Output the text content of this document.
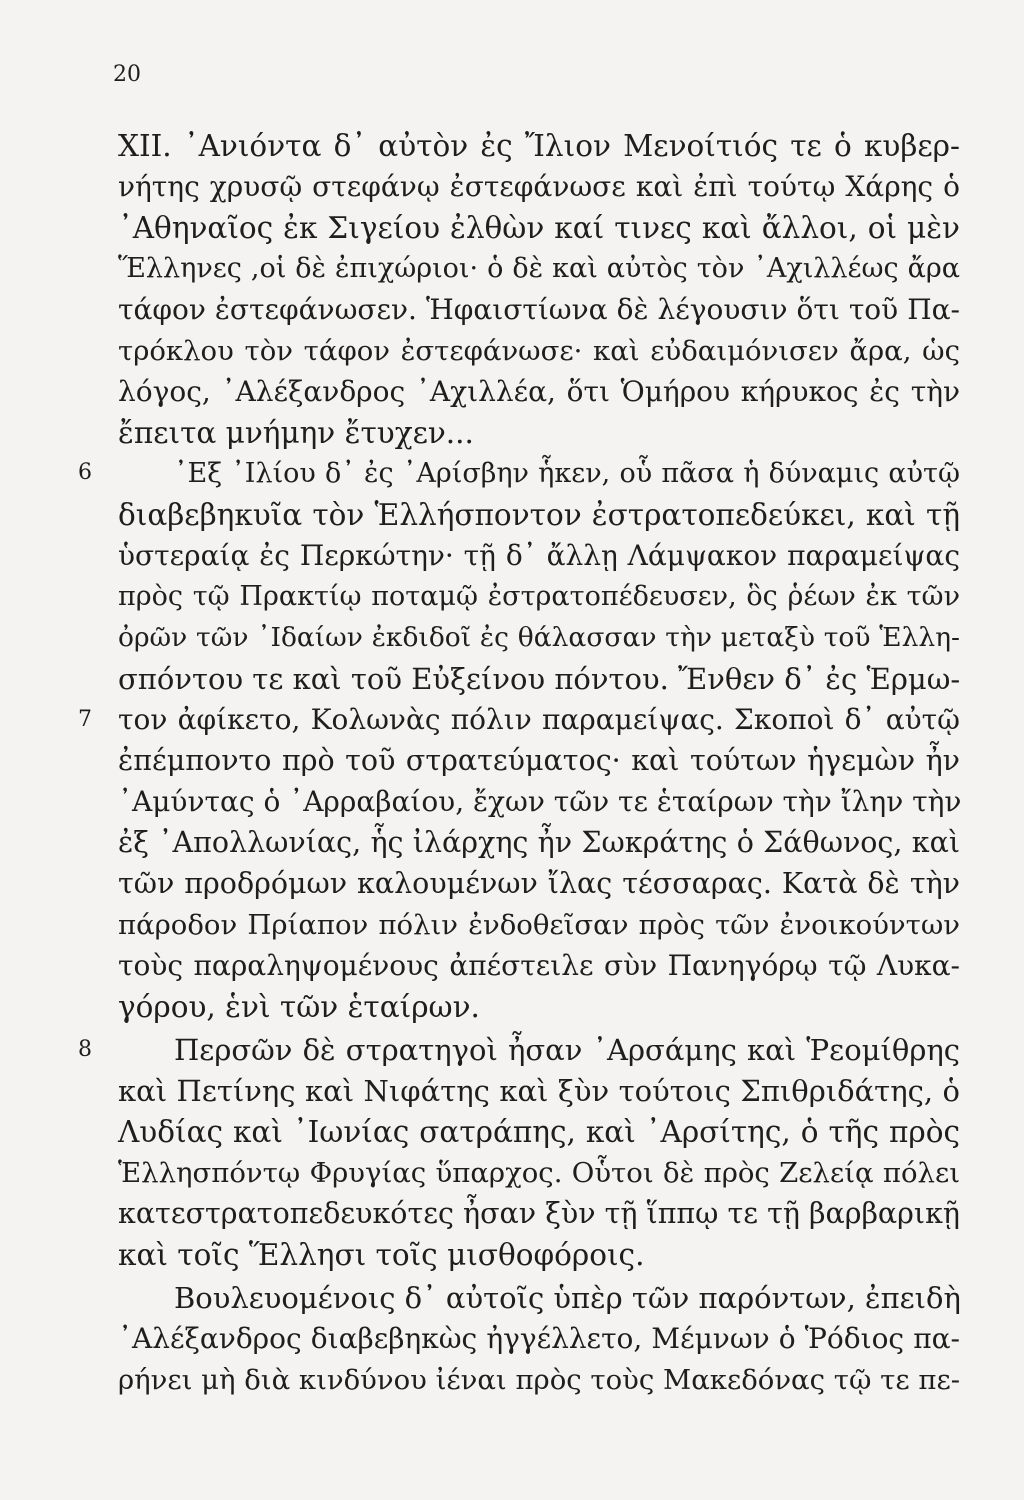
20
6
7
8
XII. ᾿Ανιόντα δ᾿ αὐτὸν ἐς Ἴλιον Μενοίτιός τε ὁ κυβερ-
νήτης χρυσῷ στεφάνῳ ἐστεφάνωσε καὶ ἐπὶ τούτῳ Χάρης ὁ
᾿Αθηναῖος ἐκ Σιγείου ἐλθὼν καί τινες καὶ ἄλλοι, οἱ μὲν
Ἕλληνες ,οἱ δὲ ἐπιχώριοι· ὁ δὲ καὶ αὐτὸς τὸν ᾿Αχιλλέως ἄρα
τάφον ἐστεφάνωσεν. Ἡφαιστίωνα δὲ λέγουσιν ὅτι τοῦ Πα-
τρόκλου τὸν τάφον ἐστεφάνωσε· καὶ εὐδαιμόνισεν ἄρα, ὡς
λόγος, ᾿Αλέξανδρος ᾿Αχιλλέα, ὅτι Ὁμήρου κήρυκος ἐς τὴν
ἔπειτα μνήμην ἔτυχεν...
᾿Εξ ᾿Ιλίου δ᾿ ἐς ᾿Αρίσβην ἧκεν, οὗ πᾶσα ἡ δύναμις αὐτῷ
διαβεβηκυῖα τὸν Ἑλλήσποντον ἐστρατοπεδεύκει, καὶ τῇ
ὑστεραίᾳ ἐς Περκώτην· τῇ δ᾿ ἄλλῃ Λάμψακον παραμείψας
πρὸς τῷ Πρακτίῳ ποταμῷ ἐστρατοπέδευσεν, ὃς ῥέων ἐκ τῶν
ὀρῶν τῶν ᾿Ιδαίων ἐκδιδοῖ ἐς θάλασσαν τὴν μεταξὺ τοῦ Ἑλλη-
σπόντου τε καὶ τοῦ Εὐξείνου πόντου. Ἔνθεν δ᾿ ἐς Ἑρμω-
τον ἀφίκετο, Κολωνὰς πόλιν παραμείψας. Σκοποὶ δ᾿ αὐτῷ
ἐπέμποντο πρὸ τοῦ στρατεύματος· καὶ τούτων ἡγεμὼν ἦν
᾿Αμύντας ὁ ᾿Αρραβαίου, ἔχων τῶν τε ἑταίρων τὴν ἴλην τὴν
ἐξ ᾿Απολλωνίας, ἧς ἰλάρχης ἦν Σωκράτης ὁ Σάθωνος, καὶ
τῶν προδρόμων καλουμένων ἴλας τέσσαρας. Κατὰ δὲ τὴν
πάροδον Πρίαπον πόλιν ἐνδοθεῖσαν πρὸς τῶν ἐνοικούντων
τοὺς παραληψομένους ἀπέστειλε σὺν Πανηγόρῳ τῷ Λυκα-
γόρου, ἑνὶ τῶν ἑταίρων.
Περσῶν δὲ στρατηγοὶ ἦσαν ᾿Αρσάμης καὶ Ῥεομίθρης
καὶ Πετίνης καὶ Νιφάτης καὶ ξὺν τούτοις Σπιθριδάτης, ὁ
Λυδίας καὶ ᾿Ιωνίας σατράπης, καὶ ᾿Αρσίτης, ὁ τῆς πρὸς
Ἑλλησπόντῳ Φρυγίας ὕπαρχος. Οὗτοι δὲ πρὸς Ζελείᾳ πόλει
κατεστρατοπεδευκότες ἦσαν ξὺν τῇ ἵππῳ τε τῇ βαρβαρικῇ
καὶ τοῖς Ἕλλησι τοῖς μισθοφόροις.
Βουλευομένοις δ᾿ αὐτοῖς ὑπὲρ τῶν παρόντων, ἐπειδὴ
᾿Αλέξανδρος διαβεβηκὼς ἠγγέλλετο, Μέμνων ὁ Ῥόδιος πα-
ρήνει μὴ διὰ κινδύνου ἰέναι πρὸς τοὺς Μακεδόνας τῷ τε πε-
